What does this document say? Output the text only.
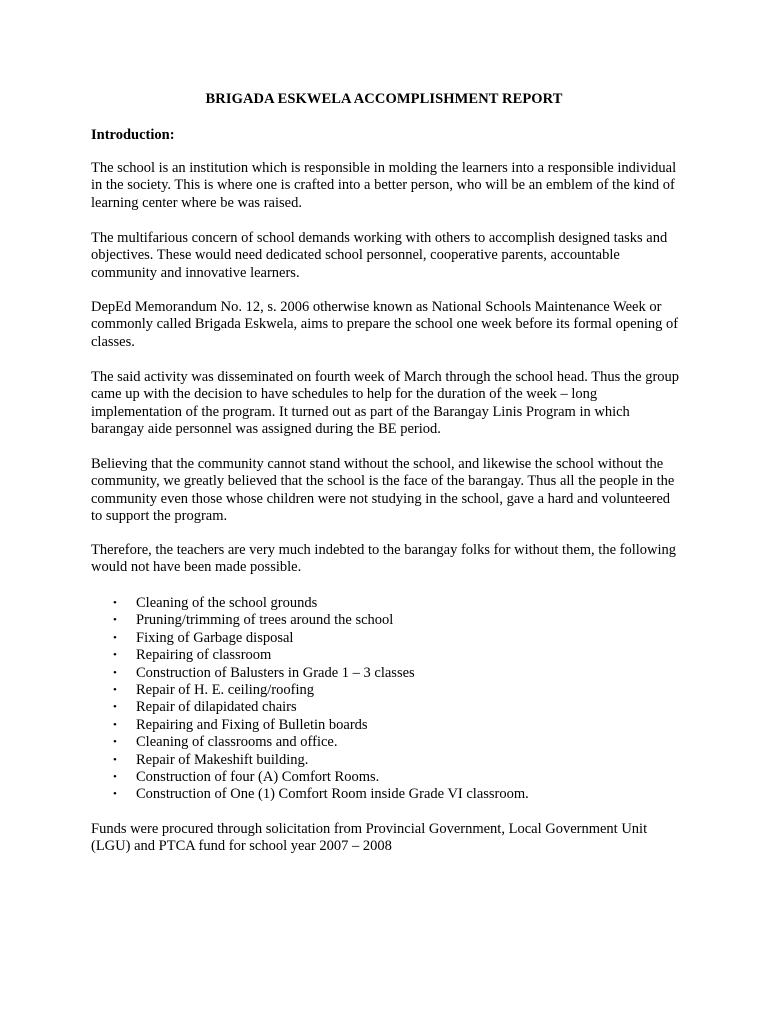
BRIGADA ESKWELA ACCOMPLISHMENT REPORT
Introduction:

The school is an institution which is responsible in molding the learners into a responsible individual in the society. This is where one is crafted into a better person, who will be an emblem of the kind of learning center where be was raised.

The multifarious concern of school demands working with others to accomplish designed tasks and objectives. These would need dedicated school personnel, cooperative parents, accountable community and innovative learners.

DepEd Memorandum No. 12, s. 2006 otherwise known as National Schools Maintenance Week or commonly called Brigada Eskwela, aims to prepare the school one week before its formal opening of classes.

The said activity was disseminated on fourth week of March through the school head. Thus the group came up with the decision to have schedules to help for the duration of the week – long implementation of the program. It turned out as part of the Barangay Linis Program in which barangay aide personnel was assigned during the BE period.

Believing that the community cannot stand without the school, and likewise the school without the community, we greatly believed that the school is the face of the barangay. Thus all the people in the community even those whose children were not studying in the school, gave a hard and volunteered to support the program.

Therefore, the teachers are very much indebted to the barangay folks for without them, the following would not have been made possible.

• Cleaning of the school grounds
• Pruning/trimming of trees around the school
• Fixing of Garbage disposal
• Repairing of classroom
• Construction of Balusters in Grade 1 – 3 classes
• Repair of H. E. ceiling/roofing
• Repair of dilapidated chairs
• Repairing and Fixing of Bulletin boards
• Cleaning of classrooms and office.
• Repair of Makeshift building.
• Construction of four (A) Comfort Rooms.
• Construction of One (1) Comfort Room inside Grade VI classroom.

Funds were procured through solicitation from Provincial Government, Local Government Unit (LGU) and PTCA fund for school year 2007 – 2008
